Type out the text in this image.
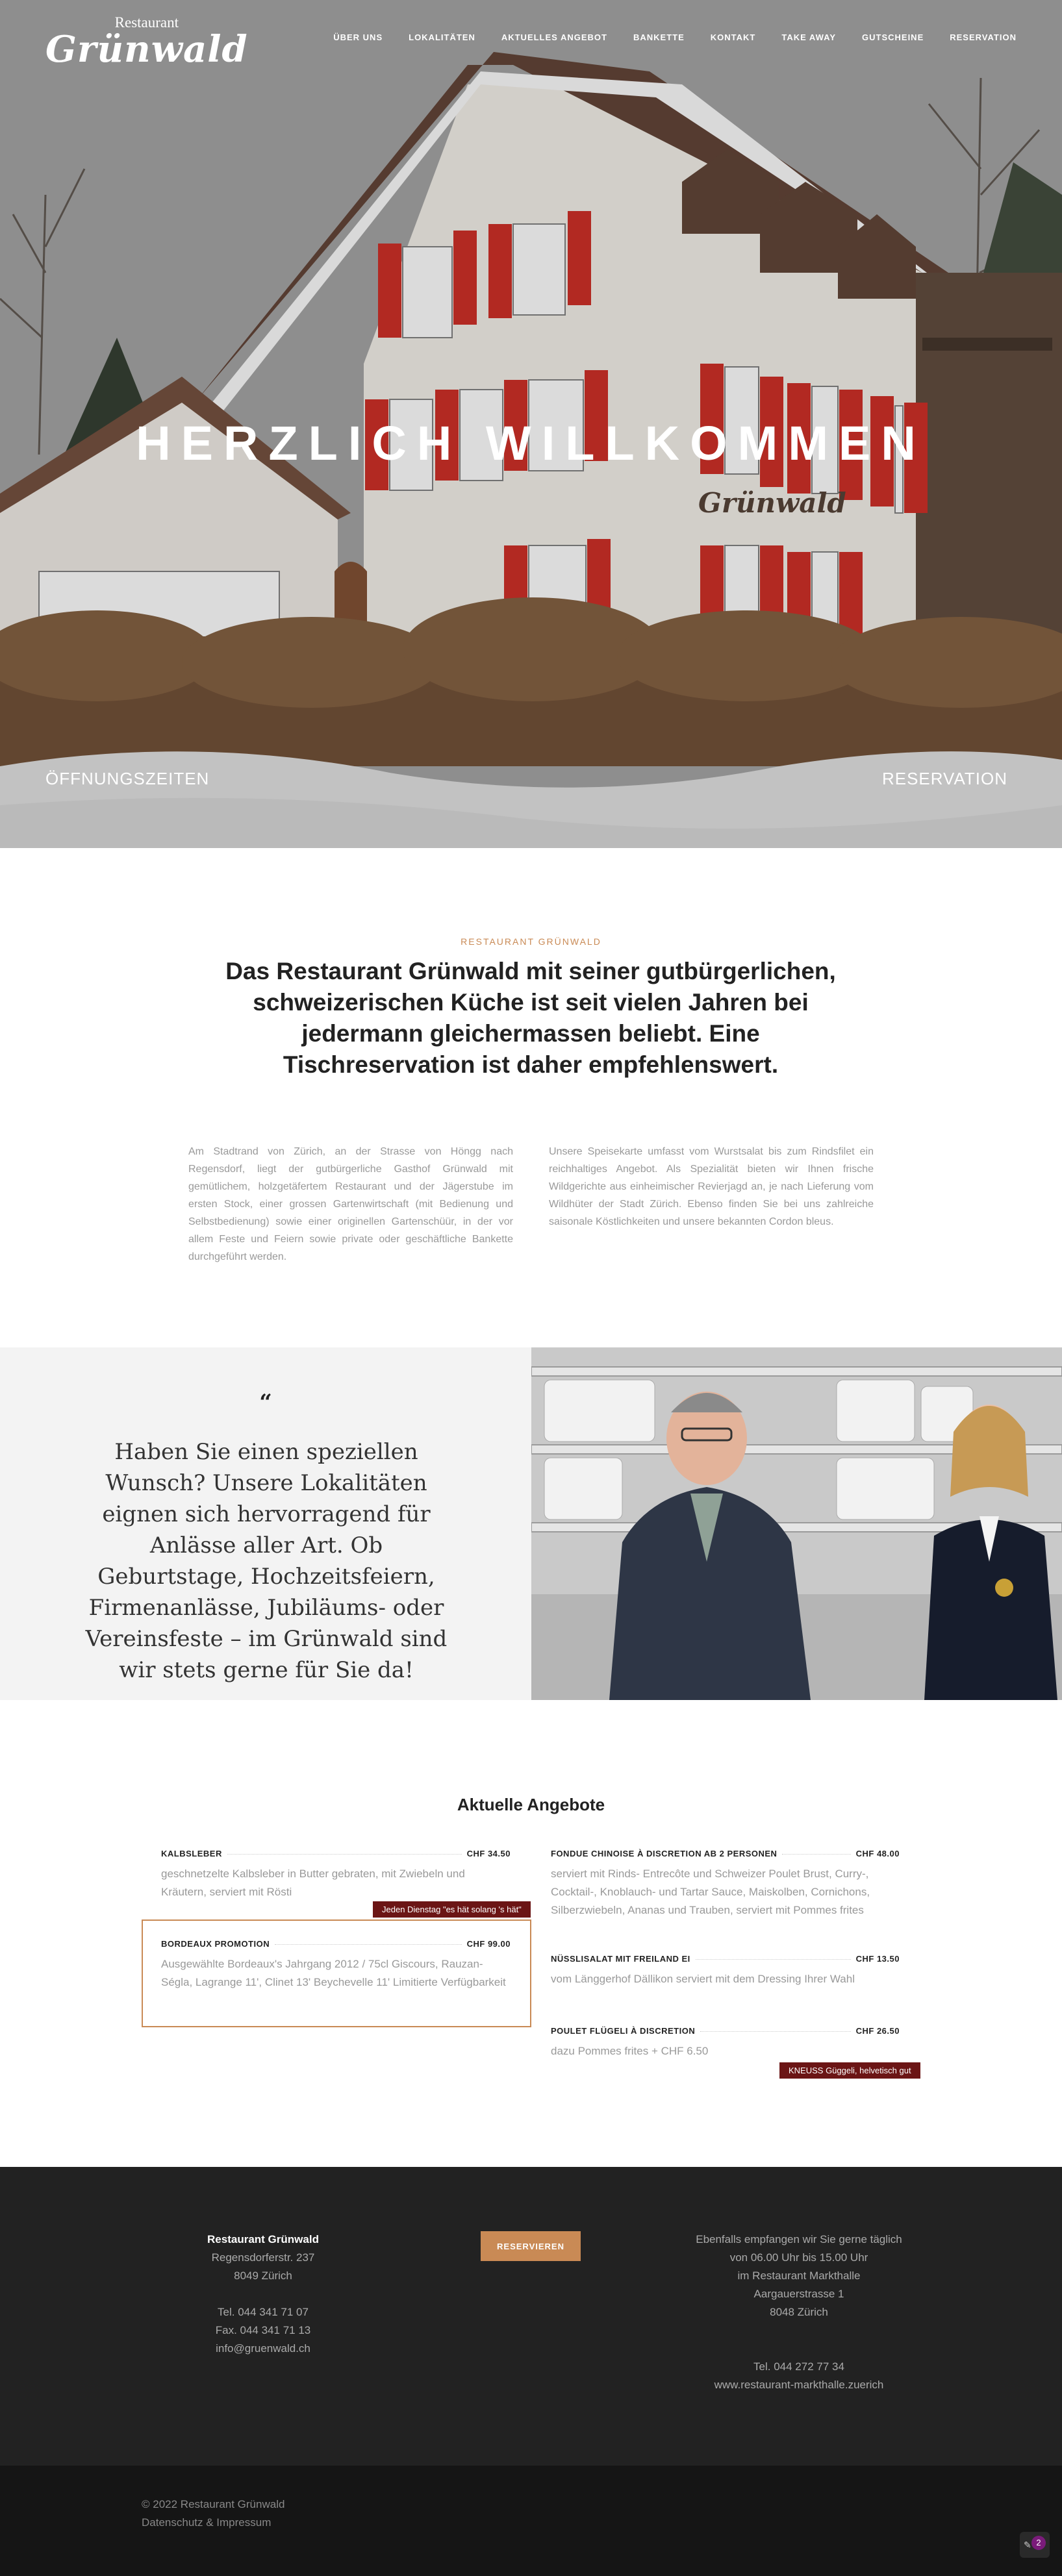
Grünwald
Restaurant
Grünwald	ÜBER UNS	LOKALITÄTEN	AKTUELLES ANGEBOT	BANKETTE	KONTAKT	TAKE AWAY	GUTSCHEINE	RESERVATION
HERZLICH WILLKOMMEN
ÖFFNUNGSZEITEN	RESERVATION
RESTAURANT GRÜNWALD
Das Restaurant Grünwald mit seiner gutbürgerlichen, schweizerischen Küche ist seit vielen Jahren bei jedermann gleichermassen beliebt. Eine Tischreservation ist daher empfehlenswert.

Am Stadtrand von Zürich, an der Strasse von Höngg nach Regensdorf, liegt der gutbürgerliche Gasthof Grünwald mit gemütlichem, holzgetäfertem Restaurant und der Jägerstube im ersten Stock, einer grossen Gartenwirtschaft (mit Bedienung und Selbstbedienung) sowie einer originellen Gartenschüür, in der vor allem Feste und Feiern sowie private oder geschäftliche Bankette durchgeführt werden.

Unsere Speisekarte umfasst vom Wurstsalat bis zum Rindsfilet ein reichhaltiges Angebot. Als Spezialität bieten wir Ihnen frische Wildgerichte aus einheimischer Revierjagd an, je nach Lieferung vom Wildhüter der Stadt Zürich. Ebenso finden Sie bei uns zahlreiche saisonale Köstlichkeiten und unsere bekannten Cordon bleus.

“

Haben Sie einen speziellen Wunsch? Unsere Lokalitäten eignen sich hervorragend für Anlässe aller Art. Ob Geburtstage, Hochzeitsfeiern, Firmenanlässe, Jubiläums- oder Vereinsfeste – im Grünwald sind wir stets gerne für Sie da!

Aktuelle Angebote
KALBSLEBER	CHF 34.50
geschnetzelte Kalbsleber in Butter gebraten, mit Zwiebeln und Kräutern, serviert mit Rösti
Jeden Dienstag "es hät solang 's hät"
BORDEAUX PROMOTION	CHF 99.00
Ausgewählte Bordeaux's Jahrgang 2012 / 75cl Giscours, Rauzan-Ségla, Lagrange 11', Clinet 13' Beychevelle 11' Limitierte Verfügbarkeit
FONDUE CHINOISE À DISCRETION AB 2 PERSONEN	CHF 48.00
serviert mit Rinds- Entrecôte und Schweizer Poulet Brust, Curry-, Cocktail-, Knoblauch- und Tartar Sauce, Maiskolben, Cornichons, Silberzwiebeln, Ananas und Trauben, serviert mit Pommes frites
NÜSSLISALAT MIT FREILAND EI	CHF 13.50
vom Länggerhof Dällikon serviert mit dem Dressing Ihrer Wahl
POULET FLÜGELI À DISCRETION	CHF 26.50
dazu Pommes frites + CHF 6.50
KNEUSS Güggeli, helvetisch gut
Restaurant Grünwald
Regensdorferstr. 237
8049 Zürich
Tel. 044 341 71 07
Fax. 044 341 71 13
info@gruenwald.ch
RESERVIEREN
Ebenfalls empfangen wir Sie gerne täglich
von 06.00 Uhr bis 15.00 Uhr
im Restaurant Markthalle
Aargauerstrasse 1
8048 Zürich
Tel. 044 272 77 34
www.restaurant-markthalle.zuerich
© 2022 Restaurant Grünwald
Datenschutz & Impressum
✎ 2
